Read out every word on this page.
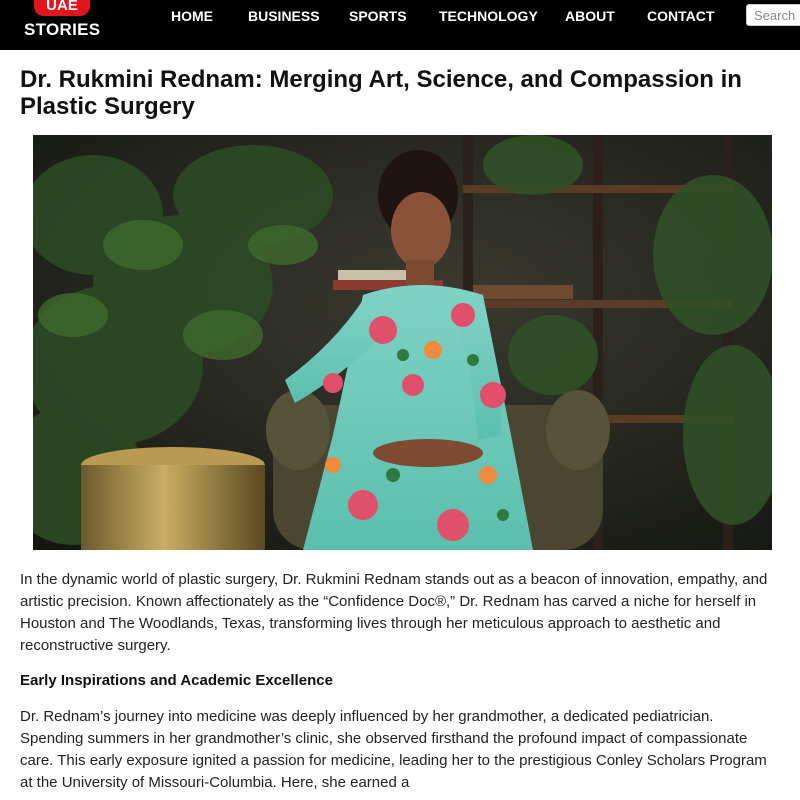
UAE
STORIES
HOME	BUSINESS SPORTS TECHNOLOGY ABOUT CONTACT
Search
Dr. Rukmini Rednam: Merging Art, Science, and Compassion in Plastic Surgery

In the dynamic world of plastic surgery, Dr. Rukmini Rednam stands out as a beacon of innovation, empathy, and artistic precision. Known affectionately as the “Confidence Doc®,” Dr. Rednam has carved a niche for herself in Houston and The Woodlands, Texas, transforming lives through her meticulous approach to aesthetic and reconstructive surgery.

Early Inspirations and Academic Excellence

Dr. Rednam’s journey into medicine was deeply influenced by her grandmother, a dedicated pediatrician. Spending summers in her grandmother’s clinic, she observed firsthand the profound impact of compassionate care. This early exposure ignited a passion for medicine, leading her to the prestigious Conley Scholars Program at the University of Missouri-Columbia. Here, she earned a
